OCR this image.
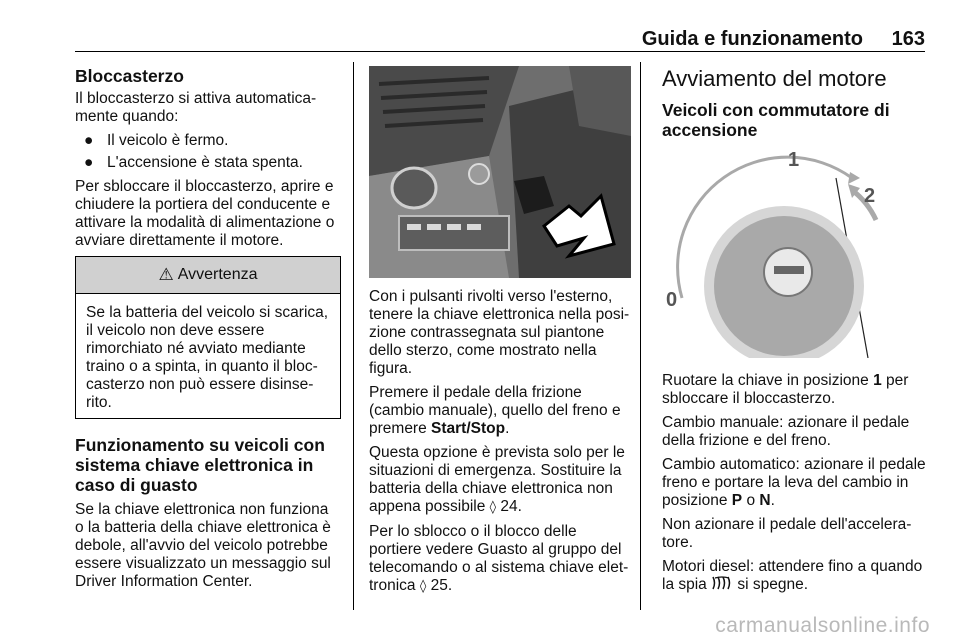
Guida e funzionamento 163
Bloccasterzo

Il bloccasterzo si attiva automatica-mente quando:

● Il veicolo è fermo.
● L'accensione è stata spenta.

Per sbloccare il bloccasterzo, aprire e chiudere la portiera del conducente e attivare la modalità di alimentazione o avviare direttamente il motore.

⚠ Avvertenza
Se la batteria del veicolo si scarica, il veicolo non deve essere rimorchiato né avviato mediante traino o a spinta, in quanto il bloc-casterzo non può essere disinse-rito.
Funzionamento su veicoli con sistema chiave elettronica in caso di guasto

Se la chiave elettronica non funziona o la batteria della chiave elettronica è debole, all'avvio del veicolo potrebbe essere visualizzato un messaggio sul Driver Information Center.

Con i pulsanti rivolti verso l'esterno, tenere la chiave elettronica nella posi-zione contrassegnata sul piantone dello sterzo, come mostrato nella figura.

Premere il pedale della frizione (cambio manuale), quello del freno e premere Start/Stop.

Questa opzione è prevista solo per le situazioni di emergenza. Sostituire la batteria della chiave elettronica non appena possibile ◊ 24.

Per lo sblocco o il blocco delle portiere vedere Guasto al gruppo del telecomando o al sistema chiave elet-tronica ◊ 25.

Avviamento del motore
Veicoli con commutatore di accensione
1
2
0

Ruotare la chiave in posizione 1 per sbloccare il bloccasterzo.

Cambio manuale: azionare il pedale della frizione e del freno.

Cambio automatico: azionare il pedale freno e portare la leva del cambio in posizione P o N.

Non azionare il pedale dell'accelera-tore.

Motori diesel: attendere fino a quando la spia  si spegne.

carmanualsonline.info
